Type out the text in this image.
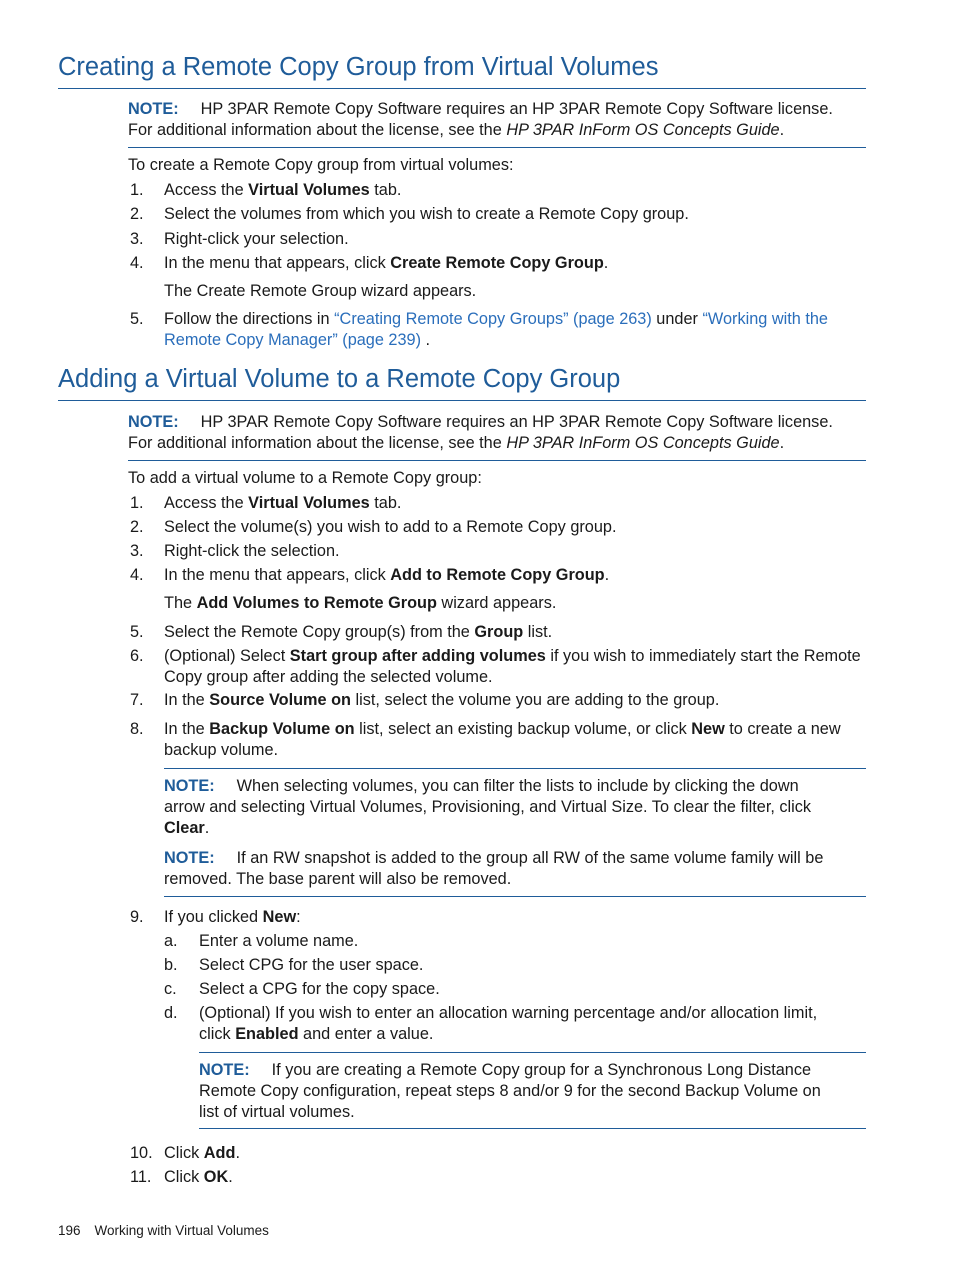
Creating a Remote Copy Group from Virtual Volumes
NOTE: HP 3PAR Remote Copy Software requires an HP 3PAR Remote Copy Software license.
For additional information about the license, see the HP 3PAR InForm OS Concepts Guide.
To create a Remote Copy group from virtual volumes:
1. Access the Virtual Volumes tab.
2. Select the volumes from which you wish to create a Remote Copy group.
3. Right-click your selection.
4. In the menu that appears, click Create Remote Copy Group.
The Create Remote Group wizard appears.
5. Follow the directions in “Creating Remote Copy Groups” (page 263) under “Working with the
Remote Copy Manager” (page 239) .
Adding a Virtual Volume to a Remote Copy Group
NOTE: HP 3PAR Remote Copy Software requires an HP 3PAR Remote Copy Software license.
For additional information about the license, see the HP 3PAR InForm OS Concepts Guide.
To add a virtual volume to a Remote Copy group:
1. Access the Virtual Volumes tab.
2. Select the volume(s) you wish to add to a Remote Copy group.
3. Right-click the selection.
4. In the menu that appears, click Add to Remote Copy Group.
The Add Volumes to Remote Group wizard appears.
5. Select the Remote Copy group(s) from the Group list.
6. (Optional) Select Start group after adding volumes if you wish to immediately start the Remote
Copy group after adding the selected volume.
7. In the Source Volume on list, select the volume you are adding to the group.
8. In the Backup Volume on list, select an existing backup volume, or click New to create a new
backup volume.
NOTE: When selecting volumes, you can filter the lists to include by clicking the down
arrow and selecting Virtual Volumes, Provisioning, and Virtual Size. To clear the filter, click
Clear.
NOTE: If an RW snapshot is added to the group all RW of the same volume family will be
removed. The base parent will also be removed.
9. If you clicked New:
a. Enter a volume name.
b. Select CPG for the user space.
c. Select a CPG for the copy space.
d. (Optional) If you wish to enter an allocation warning percentage and/or allocation limit,
click Enabled and enter a value.
NOTE: If you are creating a Remote Copy group for a Synchronous Long Distance
Remote Copy configuration, repeat steps 8 and/or 9 for the second Backup Volume on
list of virtual volumes.
10. Click Add.
11. Click OK.
196 Working with Virtual Volumes
